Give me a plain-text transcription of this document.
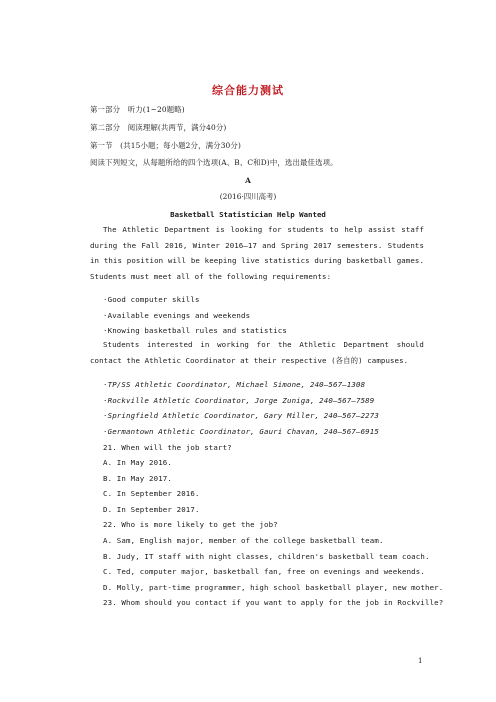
综合能力测试
第一部分　听力(1~20题略)
第二部分　阅读理解(共两节，满分40分)
第一节　(共15小题；每小题2分，满分30分)
阅读下列短文，从每题所给的四个选项(A、B、C和D)中，选出最佳选项。
A
(2016·四川高考)
Basketball Statistician Help Wanted
The Athletic Department is looking for students to help assist staff during the Fall 2016, Winter 2016—17 and Spring 2017 semesters. Students in this position will be keeping live statistics during basketball games. Students must meet all of the following requirements:
·Good computer skills
·Available evenings and weekends
·Knowing basketball rules and statistics
Students interested in working for the Athletic Department should contact the Athletic Coordinator at their respective (各自的) campuses.
·TP/SS Athletic Coordinator, Michael Simone, 240—567—1308
·Rockville Athletic Coordinator, Jorge Zuniga, 240—567—7589
·Springfield Athletic Coordinator, Gary Miller, 240—567—2273
·Germantown Athletic Coordinator, Gauri Chavan, 240—567—6915
21. When will the job start?
A. In May 2016.
B. In May 2017.
C. In September 2016.
D. In September 2017.
22. Who is more likely to get the job?
A. Sam, English major, member of the college basketball team.
B. Judy, IT staff with night classes, children's basketball team coach.
C. Ted, computer major, basketball fan, free on evenings and weekends.
D. Molly, part-time programmer, high school basketball player, new mother.
23. Whom should you contact if you want to apply for the job in Rockville?
1
